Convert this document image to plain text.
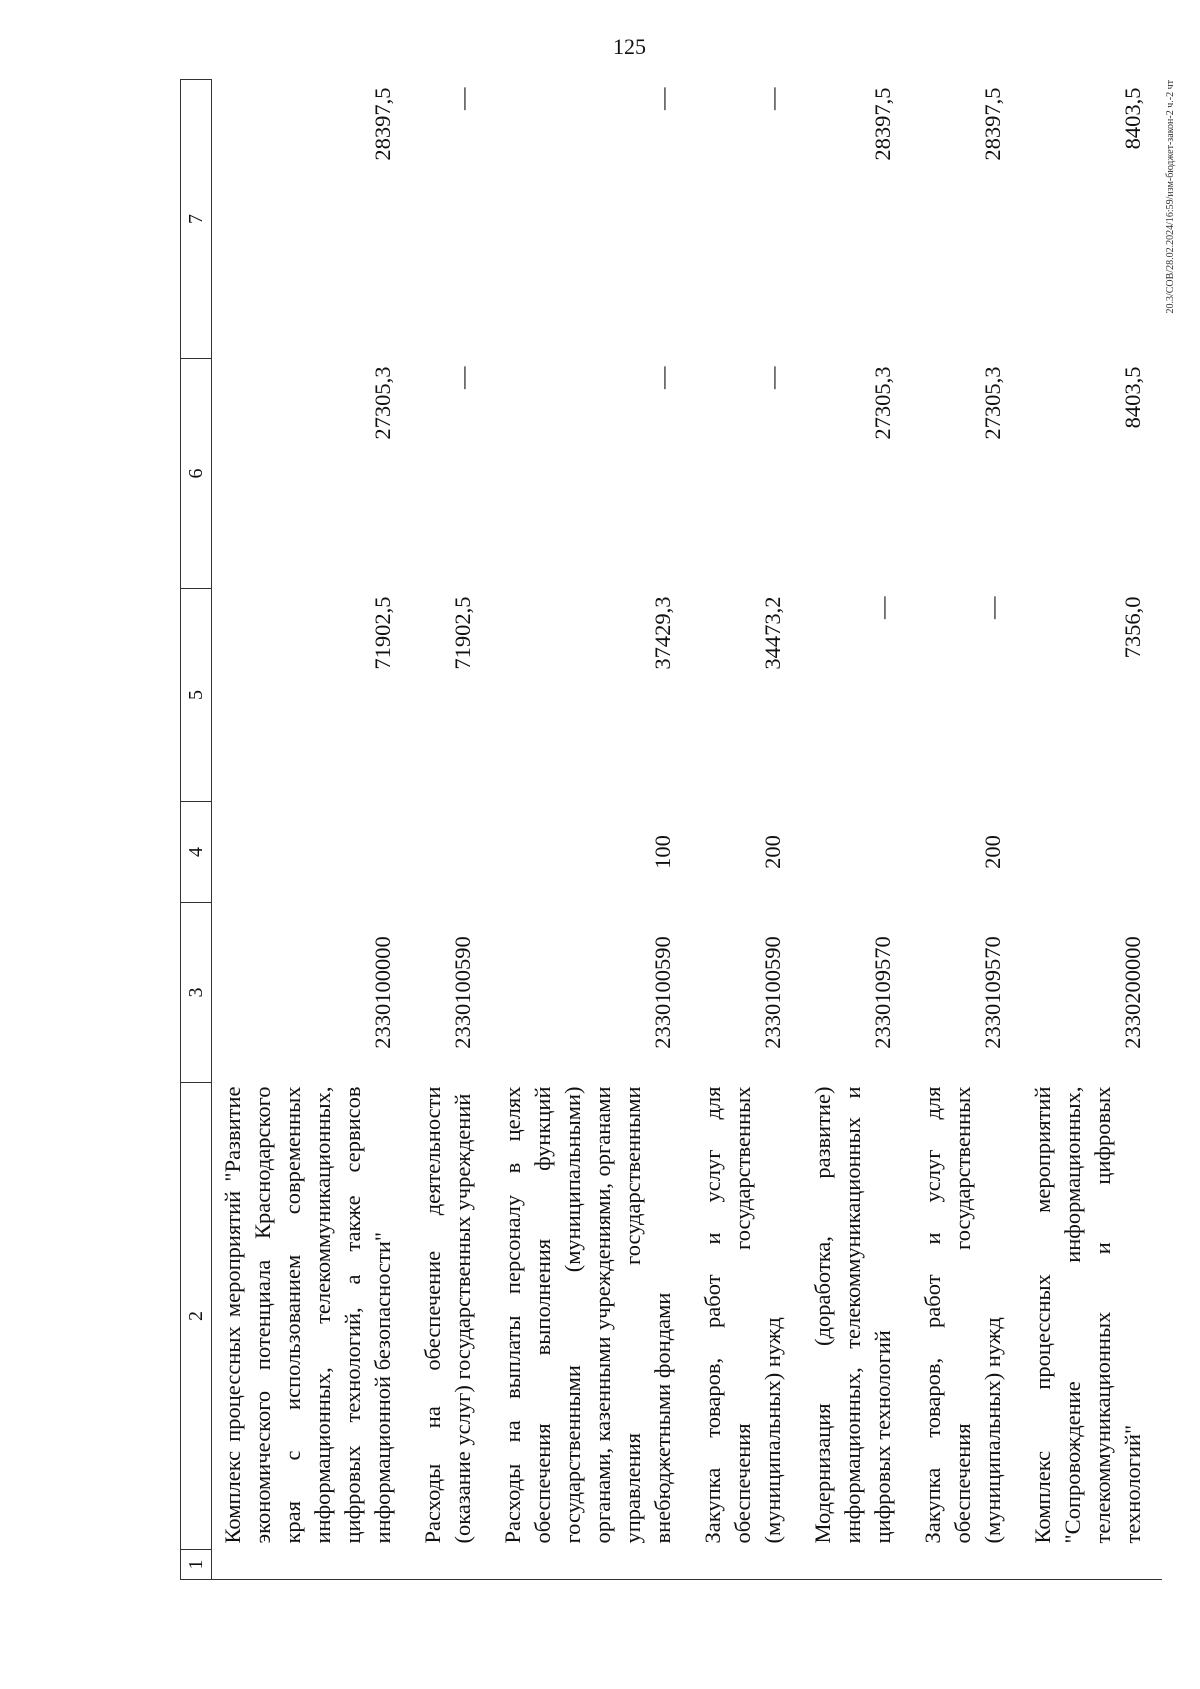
125
1	2	3	4	5	6	7
	Комплекс процессных мероприятий "Развитие экономического потенциала Краснодарского края с использованием современных информационных, телекоммуникационных, цифровых технологий, а также сервисов информационной безопасности"	2330100000		71902,5	27305,3	28397,5
	Расходы на обеспечение деятельности (оказание услуг) государственных учреждений	2330100590		71902,5	—	—
	Расходы на выплаты персоналу в целях обеспечения выполнения функций государственными (муниципальными) органами, казенными учреждениями, органами управления государственными внебюджетными фондами	2330100590	100	37429,3	—	—
	Закупка товаров, работ и услуг для обеспечения государственных (муниципальных) нужд	2330100590	200	34473,2	—	—
	Модернизация (доработка, развитие) информационных, телекоммуникационных и цифровых технологий	2330109570		—	27305,3	28397,5
	Закупка товаров, работ и услуг для обеспечения государственных (муниципальных) нужд	2330109570	200	—	27305,3	28397,5
	Комплекс процессных мероприятий "Сопровождение информационных, телекоммуникационных и цифровых технологий"	2330200000		7356,0	8403,5	8403,5 20.3/СОВ/28.02.2024/16:59/изм-бюджет-закон-2 ч.-2 чт
